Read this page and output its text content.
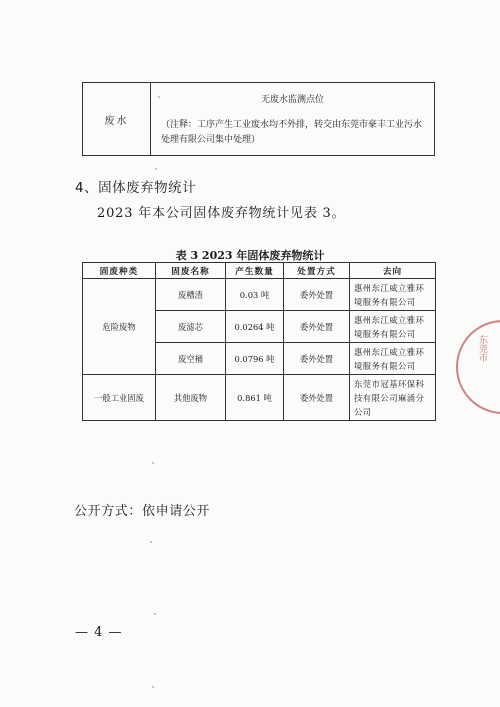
废水	
无废水监测点位
（注释：工序产生工业废水均不外排，转交由东莞市豪丰工业污水处理有限公司集中处理）
4、固体废弃物统计
2023 年本公司固体废弃物统计见表 3。
表 3 2023 年固体废弃物统计
固废种类	固废名称	产生数量	处置方式	去向
危险废物	废槽渣	0.03 吨	委外处置	惠州东江威立雅环境服务有限公司
	废滤芯	0.0264 吨	委外处置	惠州东江威立雅环境服务有限公司
	废空桶	0.0796 吨	委外处置	惠州东江威立雅环境服务有限公司
一般工业固废	其他废物	0.861 吨	委外处置	东莞市冠基环保科技有限公司麻涌分公司
公开方式：依申请公开
— 4 —
东莞市
